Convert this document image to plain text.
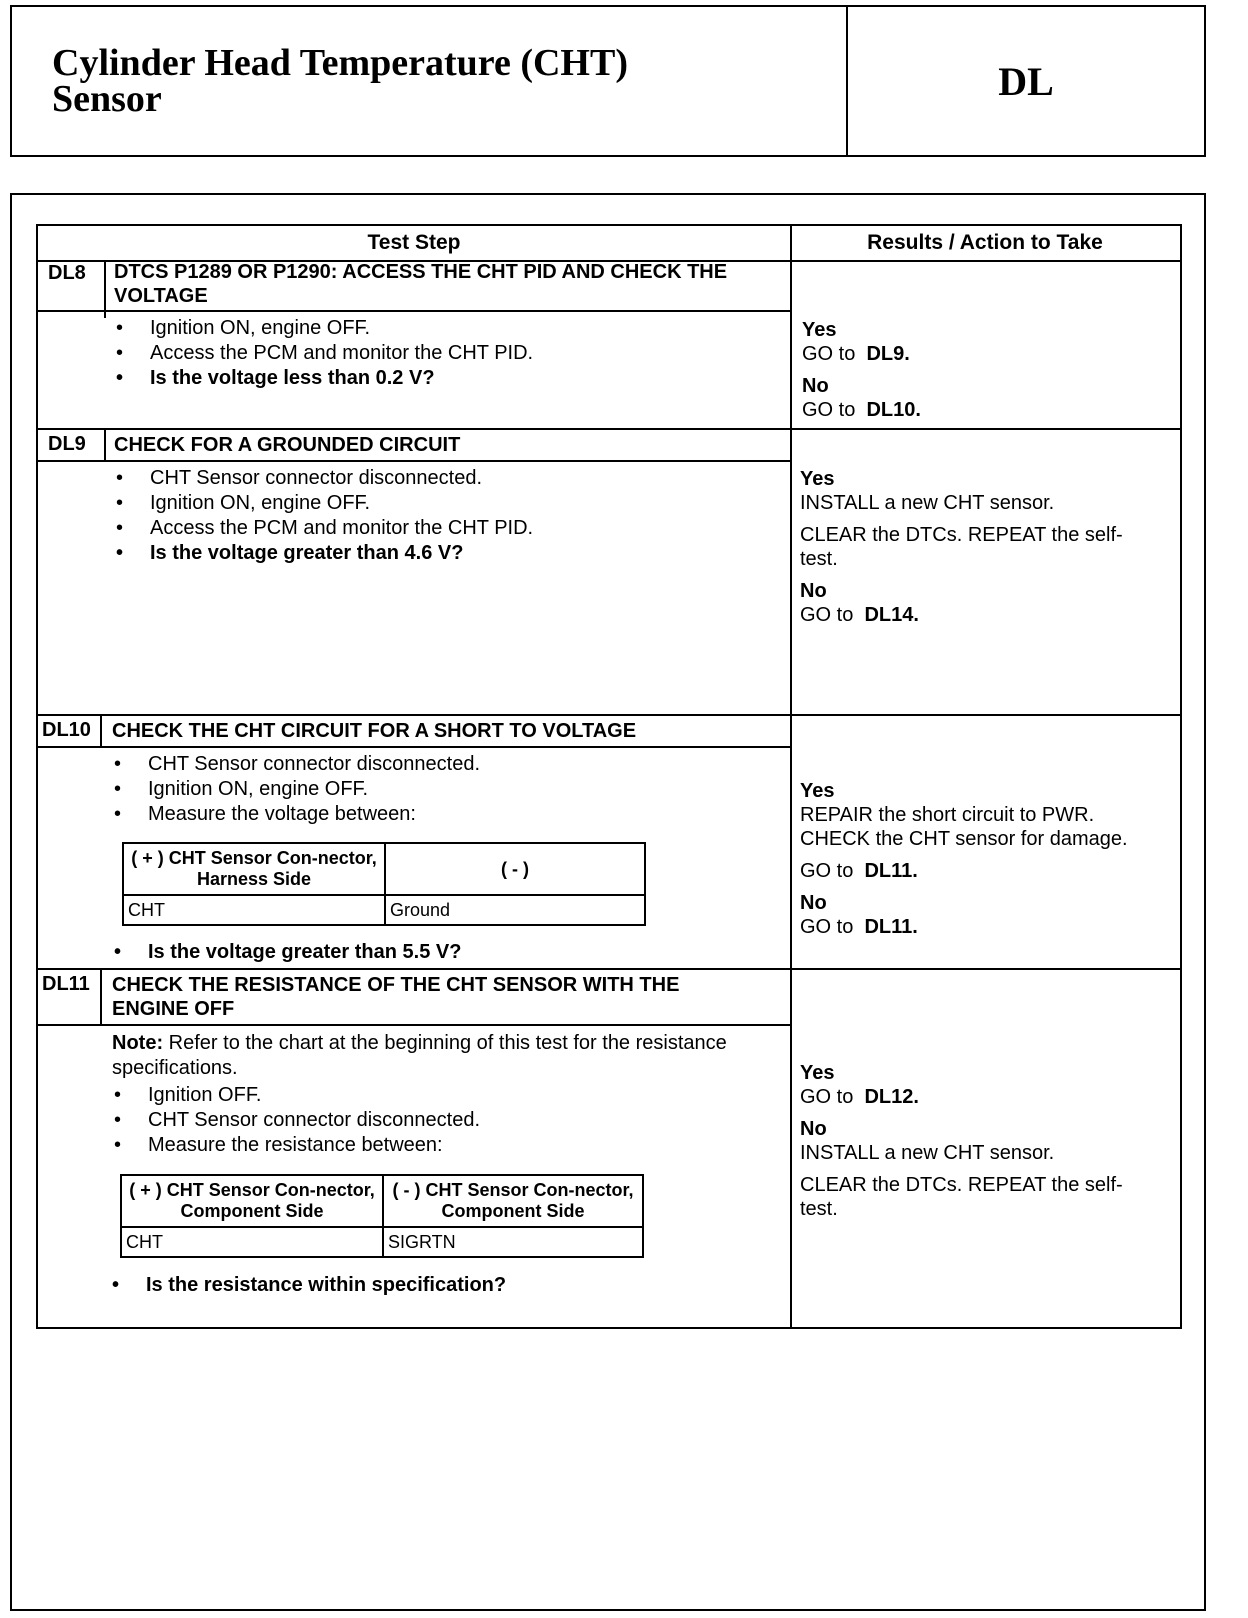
Cylinder Head Temperature (CHT)
Sensor	DL
Test Step	Results / Action to Take
DL8 DTCS P1289 OR P1290: ACCESS THE CHT PID AND CHECK THE VOLTAGE
• Ignition ON, engine OFF.
• Access the PCM and monitor the CHT PID.
• Is the voltage less than 0.2 V?

Yes

GO to DL9.

No

GO to DL10.

DL9 CHECK FOR A GROUNDED CIRCUIT
• CHT Sensor connector disconnected.
• Ignition ON, engine OFF.
• Access the PCM and monitor the CHT PID.
• Is the voltage greater than 4.6 V?

Yes

INSTALL a new CHT sensor.

CLEAR the DTCs. REPEAT the self-test.

No

GO to DL14.

DL10 CHECK THE CHT CIRCUIT FOR A SHORT TO VOLTAGE
• CHT Sensor connector disconnected.
• Ignition ON, engine OFF.
• Measure the voltage between:
( + ) CHT Sensor Con-nector, Harness Side	( - )
CHT	Ground
• Is the voltage greater than 5.5 V?

Yes

REPAIR the short circuit to PWR. CHECK the CHT sensor for damage.

GO to DL11.

No

GO to DL11.

DL11 CHECK THE RESISTANCE OF THE CHT SENSOR WITH THE ENGINE OFF
Note: Refer to the chart at the beginning of this test for the resistance specifications.
• Ignition OFF.
• CHT Sensor connector disconnected.
• Measure the resistance between:
( + ) CHT Sensor Con-nector, Component Side	( - ) CHT Sensor Con-nector, Component Side
CHT	SIGRTN
• Is the resistance within specification?

Yes

GO to DL12.

No

INSTALL a new CHT sensor.

CLEAR the DTCs. REPEAT the self-test.
